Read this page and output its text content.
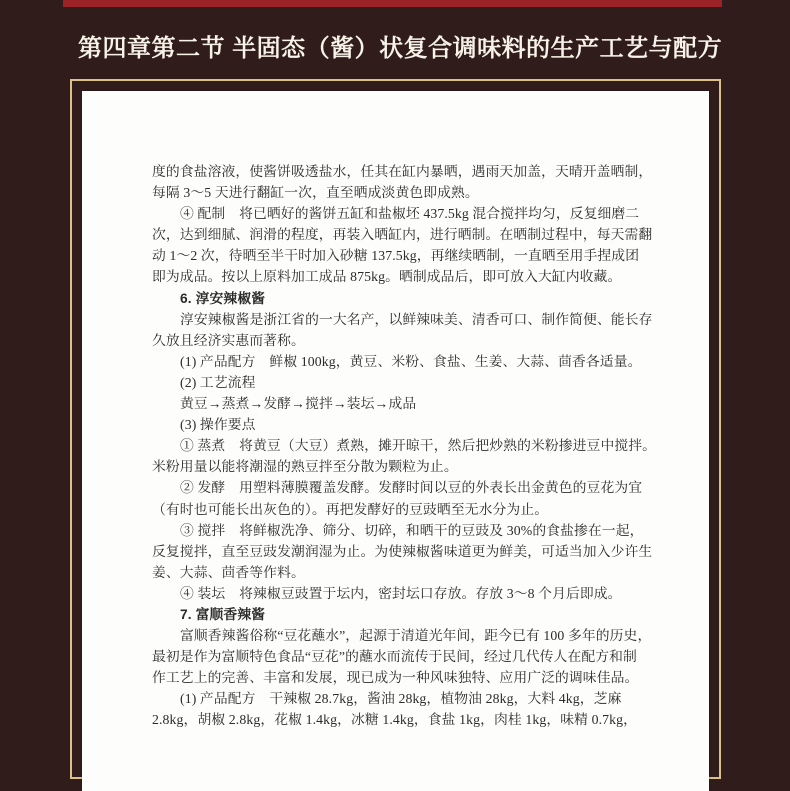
第四章第二节 半固态（酱）状复合调味料的生产工艺与配方
度的食盐溶液，使酱饼吸透盐水，任其在缸内暴晒，遇雨天加盖，天晴开盖晒制，
每隔 3～5 天进行翻缸一次，直至晒成淡黄色即成熟。
④ 配制　将已晒好的酱饼五缸和盐椒坯 437.5kg 混合搅拌均匀，反复细磨二
次，达到细腻、润滑的程度，再装入晒缸内，进行晒制。在晒制过程中，每天需翻
动 1～2 次，待晒至半干时加入砂糖 137.5kg，再继续晒制，一直晒至用手捏成团
即为成品。按以上原料加工成品 875kg。晒制成品后，即可放入大缸内收藏。
6. 淳安辣椒酱
淳安辣椒酱是浙江省的一大名产，以鲜辣味美、清香可口、制作简便、能长存
久放且经济实惠而著称。
(1) 产品配方　鲜椒 100kg，黄豆、米粉、食盐、生姜、大蒜、茴香各适量。
(2) 工艺流程
黄豆→蒸煮→发酵→搅拌→装坛→成品
(3) 操作要点
① 蒸煮　将黄豆（大豆）煮熟，摊开晾干，然后把炒熟的米粉掺进豆中搅拌。
米粉用量以能将潮湿的熟豆拌至分散为颗粒为止。
② 发酵　用塑料薄膜覆盖发酵。发酵时间以豆的外表长出金黄色的豆花为宜
（有时也可能长出灰色的）。再把发酵好的豆豉晒至无水分为止。
③ 搅拌　将鲜椒洗净、筛分、切碎，和晒干的豆豉及 30%的食盐掺在一起，
反复搅拌，直至豆豉发潮润湿为止。为使辣椒酱味道更为鲜美，可适当加入少许生
姜、大蒜、茴香等作料。
④ 装坛　将辣椒豆豉置于坛内，密封坛口存放。存放 3～8 个月后即成。
7. 富顺香辣酱
富顺香辣酱俗称“豆花蘸水”，起源于清道光年间，距今已有 100 多年的历史，
最初是作为富顺特色食品“豆花”的蘸水而流传于民间，经过几代传人在配方和制
作工艺上的完善、丰富和发展，现已成为一种风味独特、应用广泛的调味佳品。
(1) 产品配方　干辣椒 28.7kg，酱油 28kg，植物油 28kg，大料 4kg，芝麻
2.8kg，胡椒 2.8kg，花椒 1.4kg，冰糖 1.4kg，食盐 1kg，肉桂 1kg，味精 0.7kg，
